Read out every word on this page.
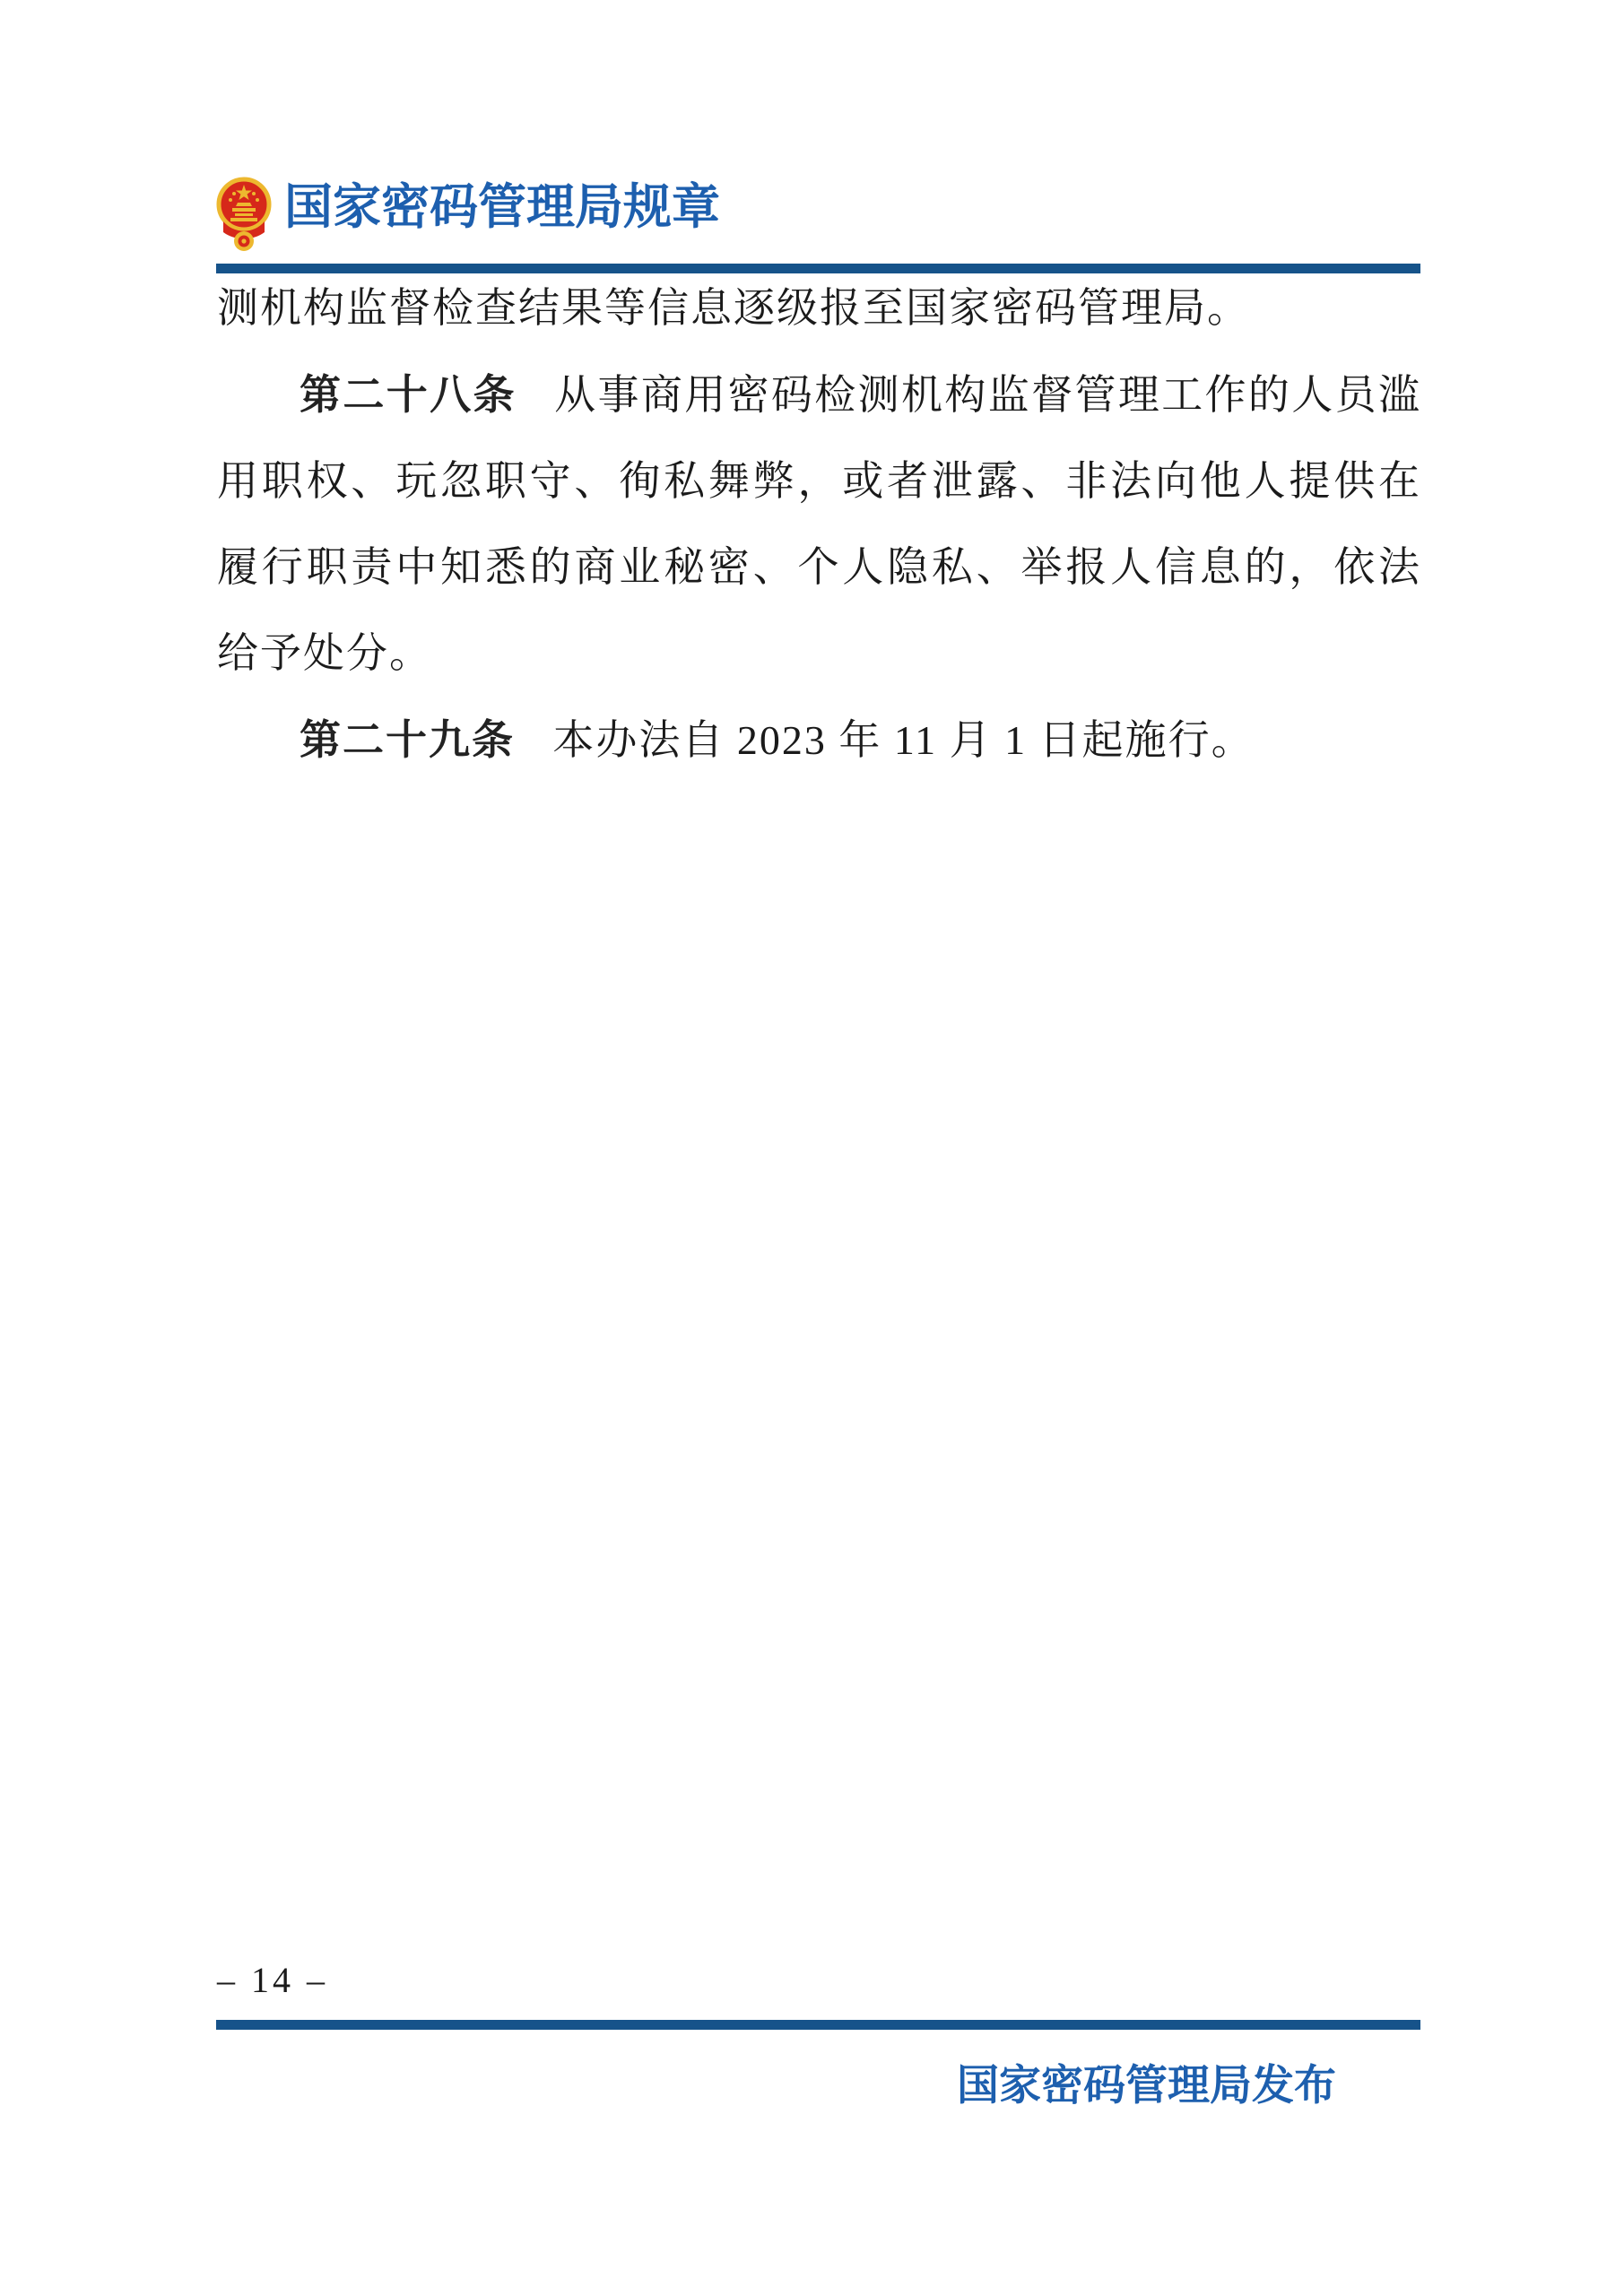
国家密码管理局规章

测机构监督检查结果等信息逐级报至国家密码管理局。

第二十八条 从事商用密码检测机构监督管理工作的人员滥用职权、玩忽职守、徇私舞弊，或者泄露、非法向他人提供在履行职责中知悉的商业秘密、个人隐私、举报人信息的，依法给予处分。

第二十九条 本办法自 2023 年 11 月 1 日起施行。

– 14 –
国家密码管理局发布
